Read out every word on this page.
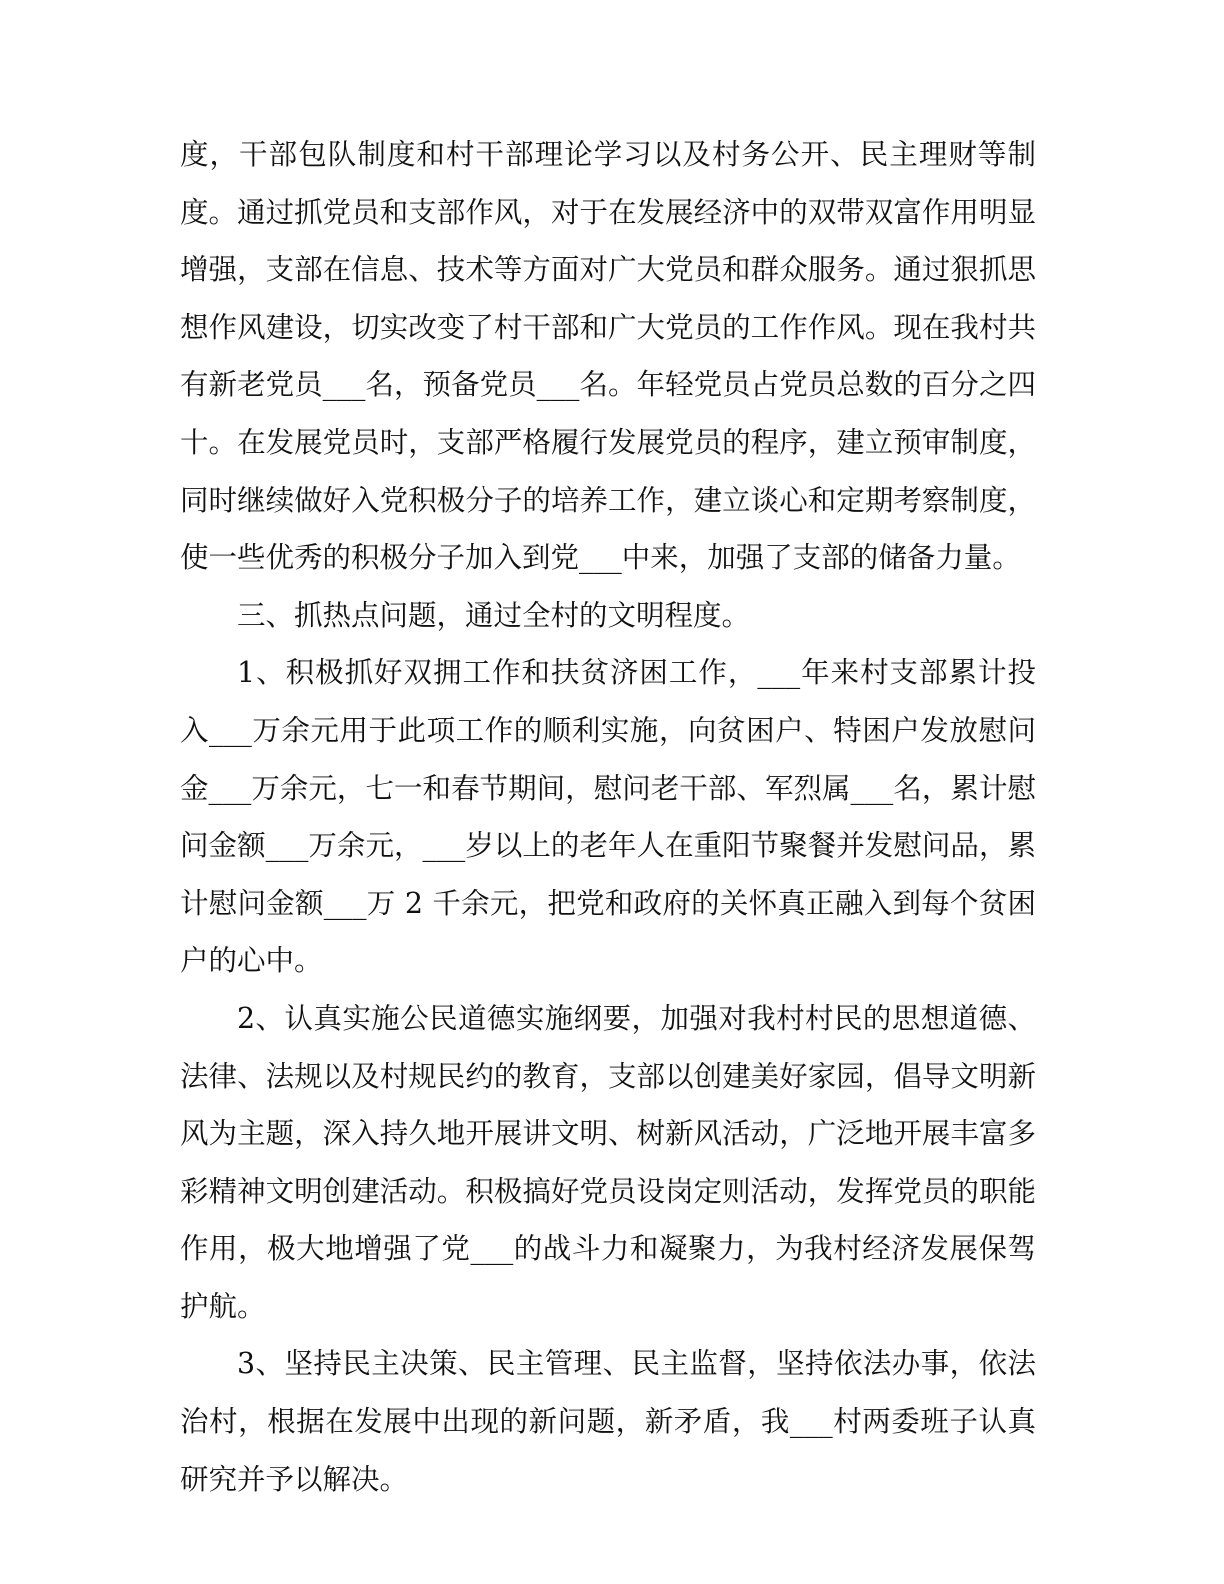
度，干部包队制度和村干部理论学习以及村务公开、民主理财等制度。通过抓党员和支部作风，对于在发展经济中的双带双富作用明显增强，支部在信息、技术等方面对广大党员和群众服务。通过狠抓思想作风建设，切实改变了村干部和广大党员的工作作风。现在我村共有新老党员___名，预备党员___名。年轻党员占党员总数的百分之四十。在发展党员时，支部严格履行发展党员的程序，建立预审制度，同时继续做好入党积极分子的培养工作，建立谈心和定期考察制度，使一些优秀的积极分子加入到党___中来，加强了支部的储备力量。

三、抓热点问题，通过全村的文明程度。

1、积极抓好双拥工作和扶贫济困工作，___年来村支部累计投入___万余元用于此项工作的顺利实施，向贫困户、特困户发放慰问金___万余元，七一和春节期间，慰问老干部、军烈属___名，累计慰问金额___万余元，___岁以上的老年人在重阳节聚餐并发慰问品，累计慰问金额___万 2 千余元，把党和政府的关怀真正融入到每个贫困户的心中。

2、认真实施公民道德实施纲要，加强对我村村民的思想道德、法律、法规以及村规民约的教育，支部以创建美好家园，倡导文明新风为主题，深入持久地开展讲文明、树新风活动，广泛地开展丰富多彩精神文明创建活动。积极搞好党员设岗定则活动，发挥党员的职能作用，极大地增强了党___的战斗力和凝聚力，为我村经济发展保驾护航。

3、坚持民主决策、民主管理、民主监督，坚持依法办事，依法治村，根据在发展中出现的新问题，新矛盾，我___村两委班子认真研究并予以解决。
